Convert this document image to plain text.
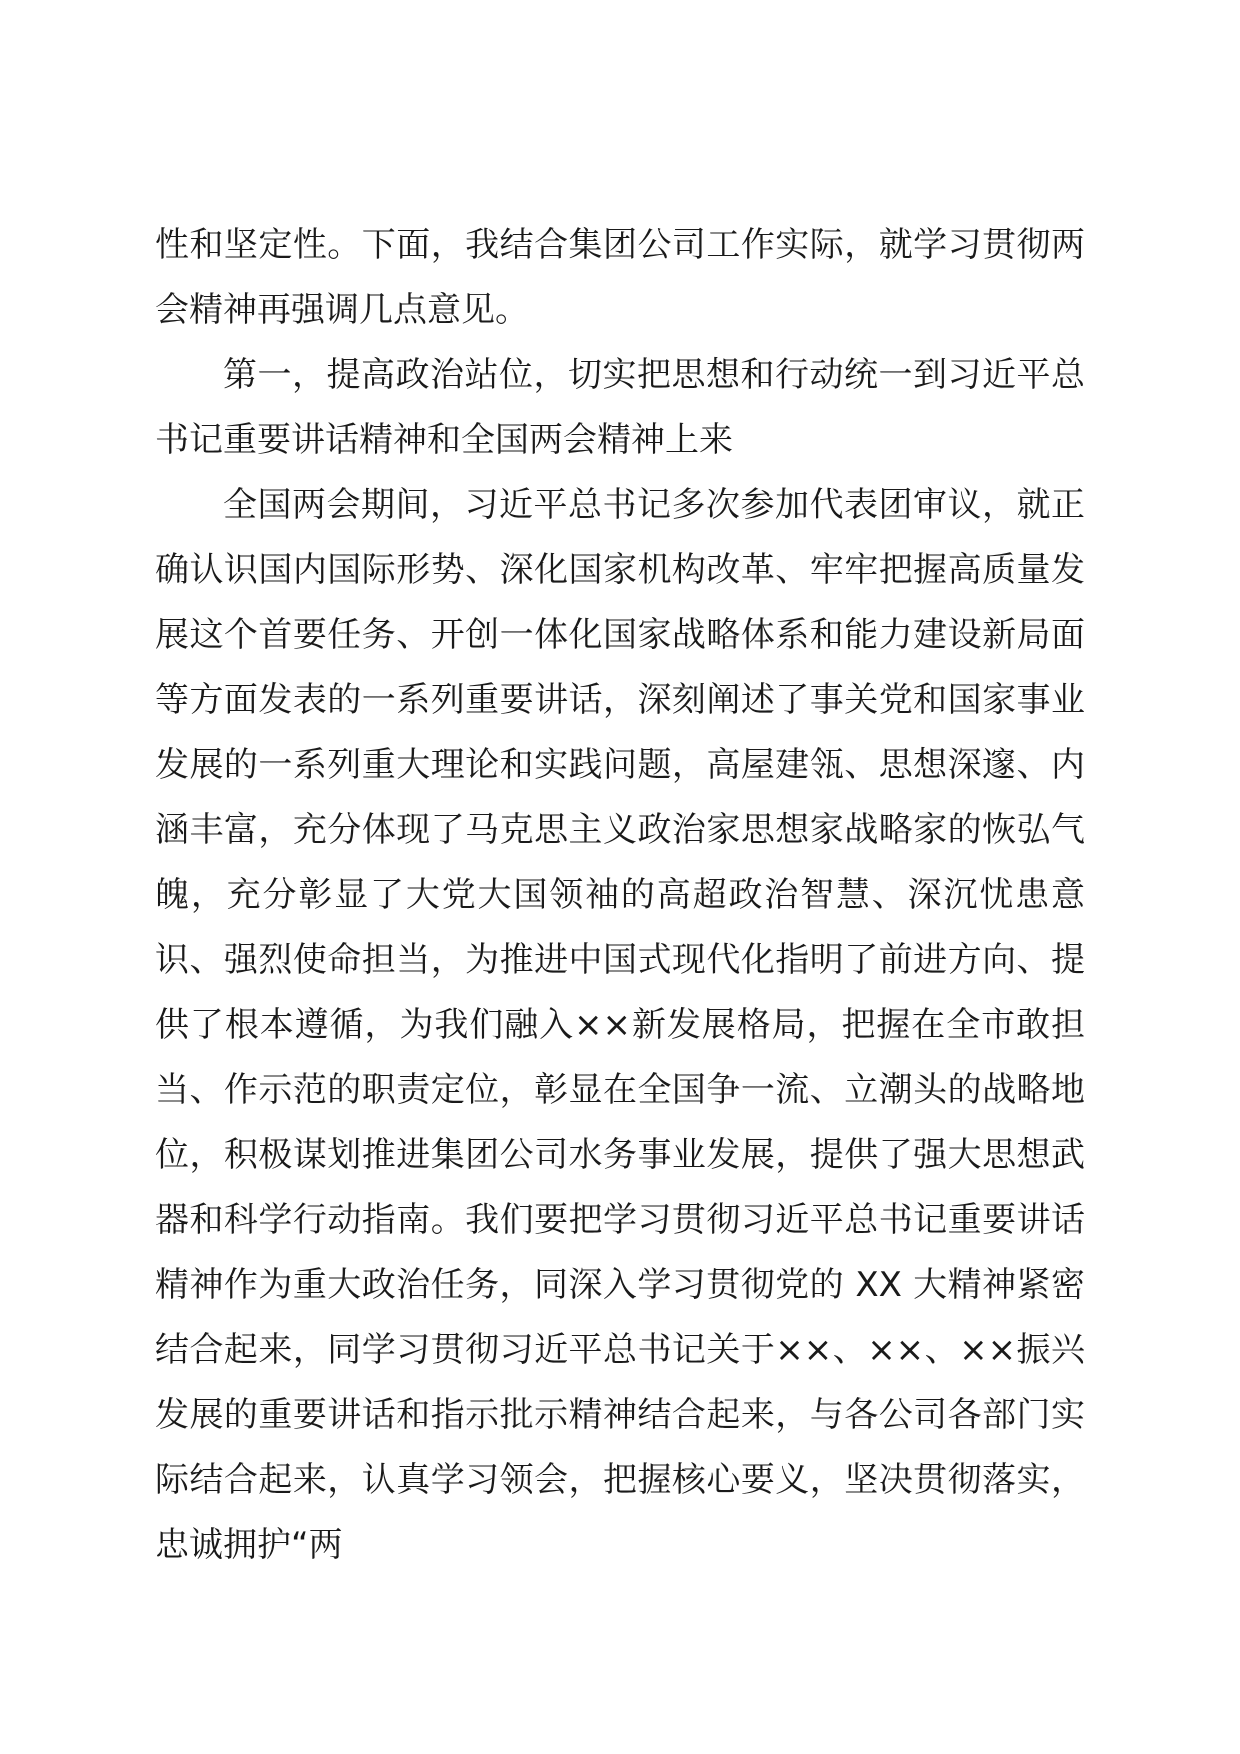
性和坚定性。下面，我结合集团公司工作实际，就学习贯彻两会精神再强调几点意见。

第一，提高政治站位，切实把思想和行动统一到习近平总书记重要讲话精神和全国两会精神上来

全国两会期间，习近平总书记多次参加代表团审议，就正确认识国内国际形势、深化国家机构改革、牢牢把握高质量发展这个首要任务、开创一体化国家战略体系和能力建设新局面等方面发表的一系列重要讲话，深刻阐述了事关党和国家事业发展的一系列重大理论和实践问题，高屋建瓴、思想深邃、内涵丰富，充分体现了马克思主义政治家思想家战略家的恢弘气魄，充分彰显了大党大国领袖的高超政治智慧、深沉忧患意识、强烈使命担当，为推进中国式现代化指明了前进方向、提供了根本遵循，为我们融入××新发展格局，把握在全市敢担当、作示范的职责定位，彰显在全国争一流、立潮头的战略地位，积极谋划推进集团公司水务事业发展，提供了强大思想武器和科学行动指南。我们要把学习贯彻习近平总书记重要讲话精神作为重大政治任务，同深入学习贯彻党的 XX 大精神紧密结合起来，同学习贯彻习近平总书记关于××、××、××振兴发展的重要讲话和指示批示精神结合起来，与各公司各部门实际结合起来，认真学习领会，把握核心要义，坚决贯彻落实，忠诚拥护“两
